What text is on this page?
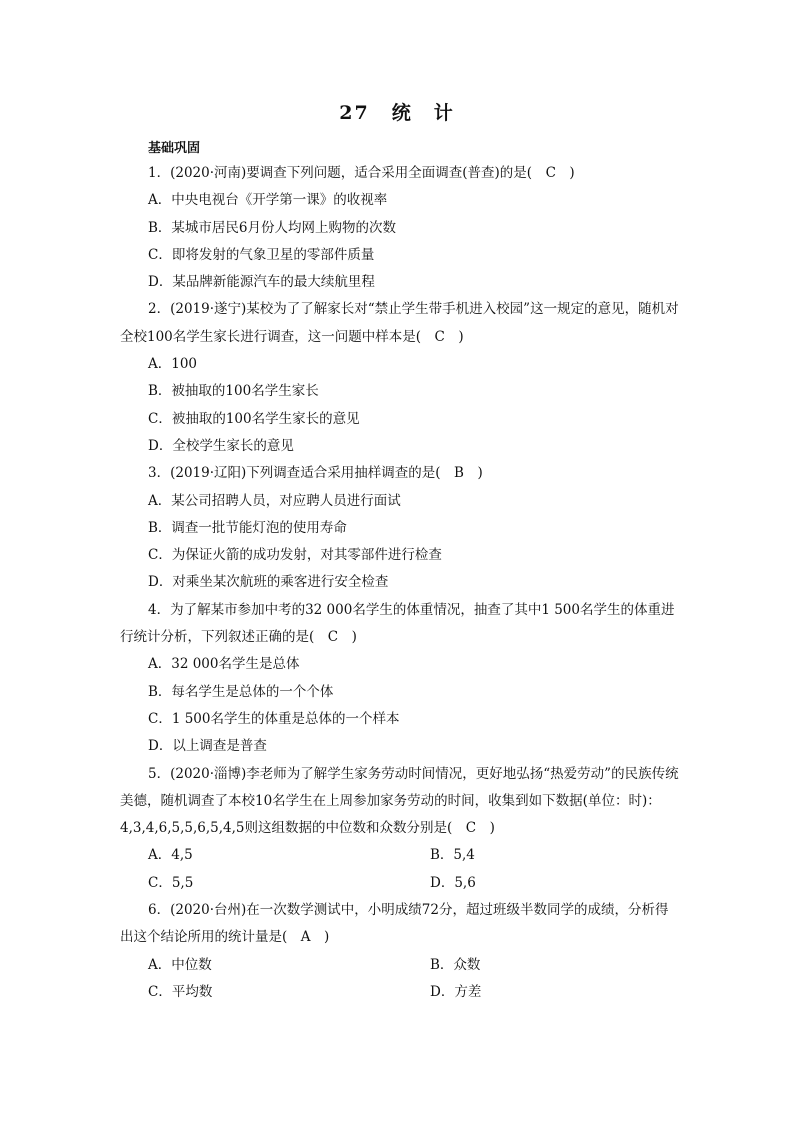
27 统　计
基础巩固

1．(2020·河南)要调查下列问题，适合采用全面调查(普查)的是(　C　)

A．中央电视台《开学第一课》的收视率
B．某城市居民6月份人均网上购物的次数
C．即将发射的气象卫星的零部件质量
D．某品牌新能源汽车的最大续航里程

2．(2019·遂宁)某校为了了解家长对“禁止学生带手机进入校园”这一规定的意见，随机对全校100名学生家长进行调查，这一问题中样本是(　C　)

A．100
B．被抽取的100名学生家长
C．被抽取的100名学生家长的意见
D．全校学生家长的意见

3．(2019·辽阳)下列调查适合采用抽样调查的是(　B　)

A．某公司招聘人员，对应聘人员进行面试
B．调查一批节能灯泡的使用寿命
C．为保证火箭的成功发射，对其零部件进行检查
D．对乘坐某次航班的乘客进行安全检查

4．为了解某市参加中考的32 000名学生的体重情况，抽查了其中1 500名学生的体重进行统计分析，下列叙述正确的是(　C　)

A．32 000名学生是总体
B．每名学生是总体的一个个体
C．1 500名学生的体重是总体的一个样本
D．以上调查是普查

5．(2020·淄博)李老师为了解学生家务劳动时间情况，更好地弘扬“热爱劳动”的民族传统美德，随机调查了本校10名学生在上周参加家务劳动的时间，收集到如下数据(单位：时)：4,3,4,6,5,5,6,5,4,5则这组数据的中位数和众数分别是(　C　)

A．4,5	B．5,4
C．5,5	D．5,6

6．(2020·台州)在一次数学测试中，小明成绩72分，超过班级半数同学的成绩，分析得出这个结论所用的统计量是(　A　)

A．中位数	B．众数
C．平均数	D．方差
